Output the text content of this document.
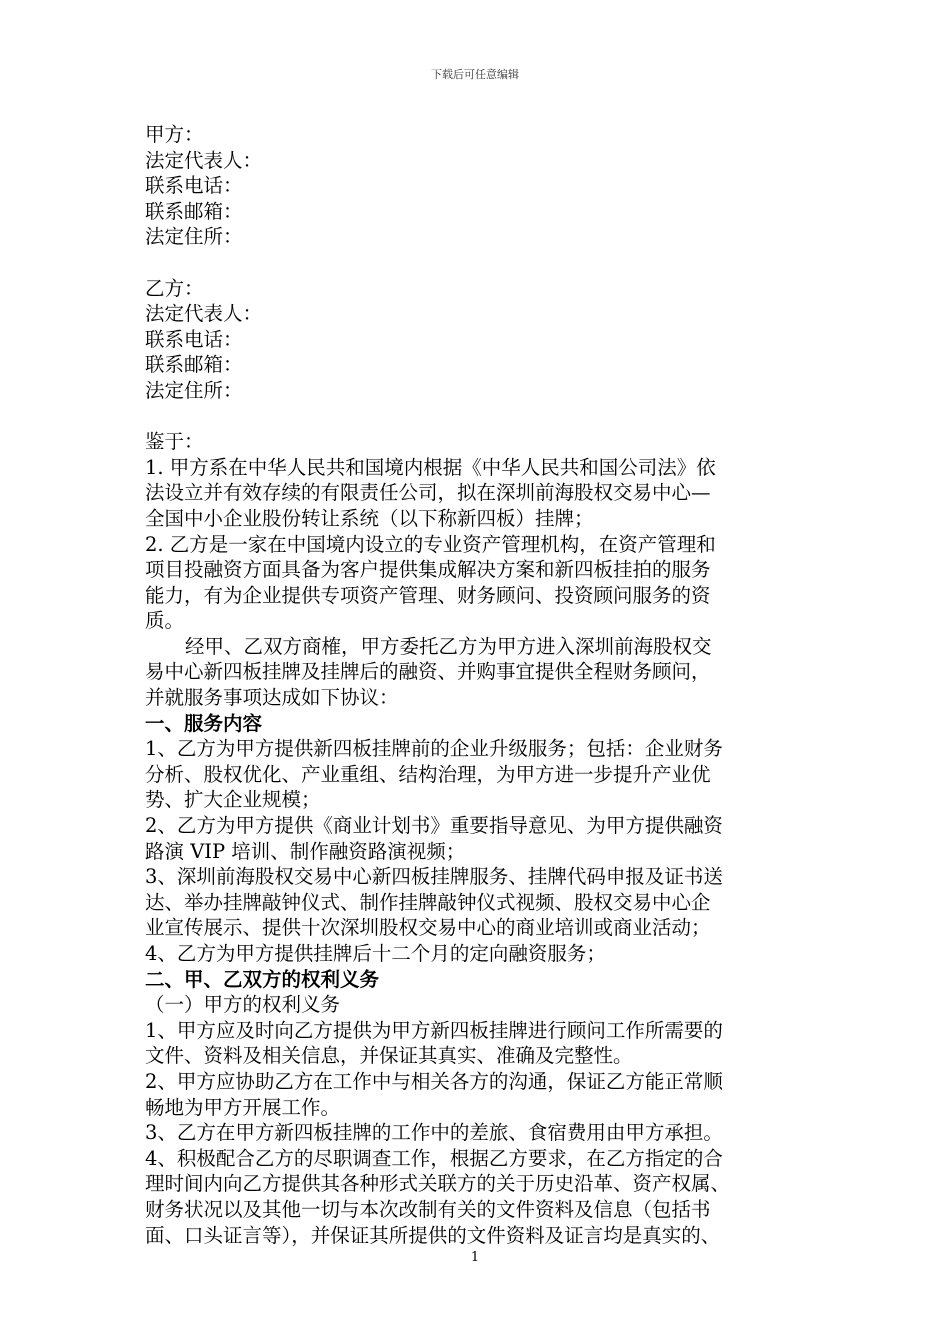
下载后可任意编辑
甲方：
法定代表人：
联系电话：
联系邮箱：
法定住所：
乙方：
法定代表人：
联系电话：
联系邮箱：
法定住所：
鉴于：
1. 甲方系在中华人民共和国境内根据《中华人民共和国公司法》依
法设立并有效存续的有限责任公司，拟在深圳前海股权交易中心—
全国中小企业股份转让系统（以下称新四板）挂牌；
2. 乙方是一家在中国境内设立的专业资产管理机构，在资产管理和
项目投融资方面具备为客户提供集成解决方案和新四板挂拍的服务
能力，有为企业提供专项资产管理、财务顾问、投资顾问服务的资
质。
经甲、乙双方商榷，甲方委托乙方为甲方进入深圳前海股权交
易中心新四板挂牌及挂牌后的融资、并购事宜提供全程财务顾问，
并就服务事项达成如下协议：
一、服务内容
1、乙方为甲方提供新四板挂牌前的企业升级服务；包括：企业财务
分析、股权优化、产业重组、结构治理，为甲方进一步提升产业优
势、扩大企业规模；
2、乙方为甲方提供《商业计划书》重要指导意见、为甲方提供融资
路演 VIP 培训、制作融资路演视频；
3、深圳前海股权交易中心新四板挂牌服务、挂牌代码申报及证书送
达、举办挂牌敲钟仪式、制作挂牌敲钟仪式视频、股权交易中心企
业宣传展示、提供十次深圳股权交易中心的商业培训或商业活动；
4、乙方为甲方提供挂牌后十二个月的定向融资服务；
二、甲、乙双方的权利义务
（一）甲方的权利义务
1、甲方应及时向乙方提供为甲方新四板挂牌进行顾问工作所需要的
文件、资料及相关信息，并保证其真实、准确及完整性。
2、甲方应协助乙方在工作中与相关各方的沟通，保证乙方能正常顺
畅地为甲方开展工作。
3、乙方在甲方新四板挂牌的工作中的差旅、食宿费用由甲方承担。
4、积极配合乙方的尽职调查工作，根据乙方要求，在乙方指定的合
理时间内向乙方提供其各种形式关联方的关于历史沿革、资产权属、
财务状况以及其他一切与本次改制有关的文件资料及信息（包括书
面、口头证言等），并保证其所提供的文件资料及证言均是真实的、
1
